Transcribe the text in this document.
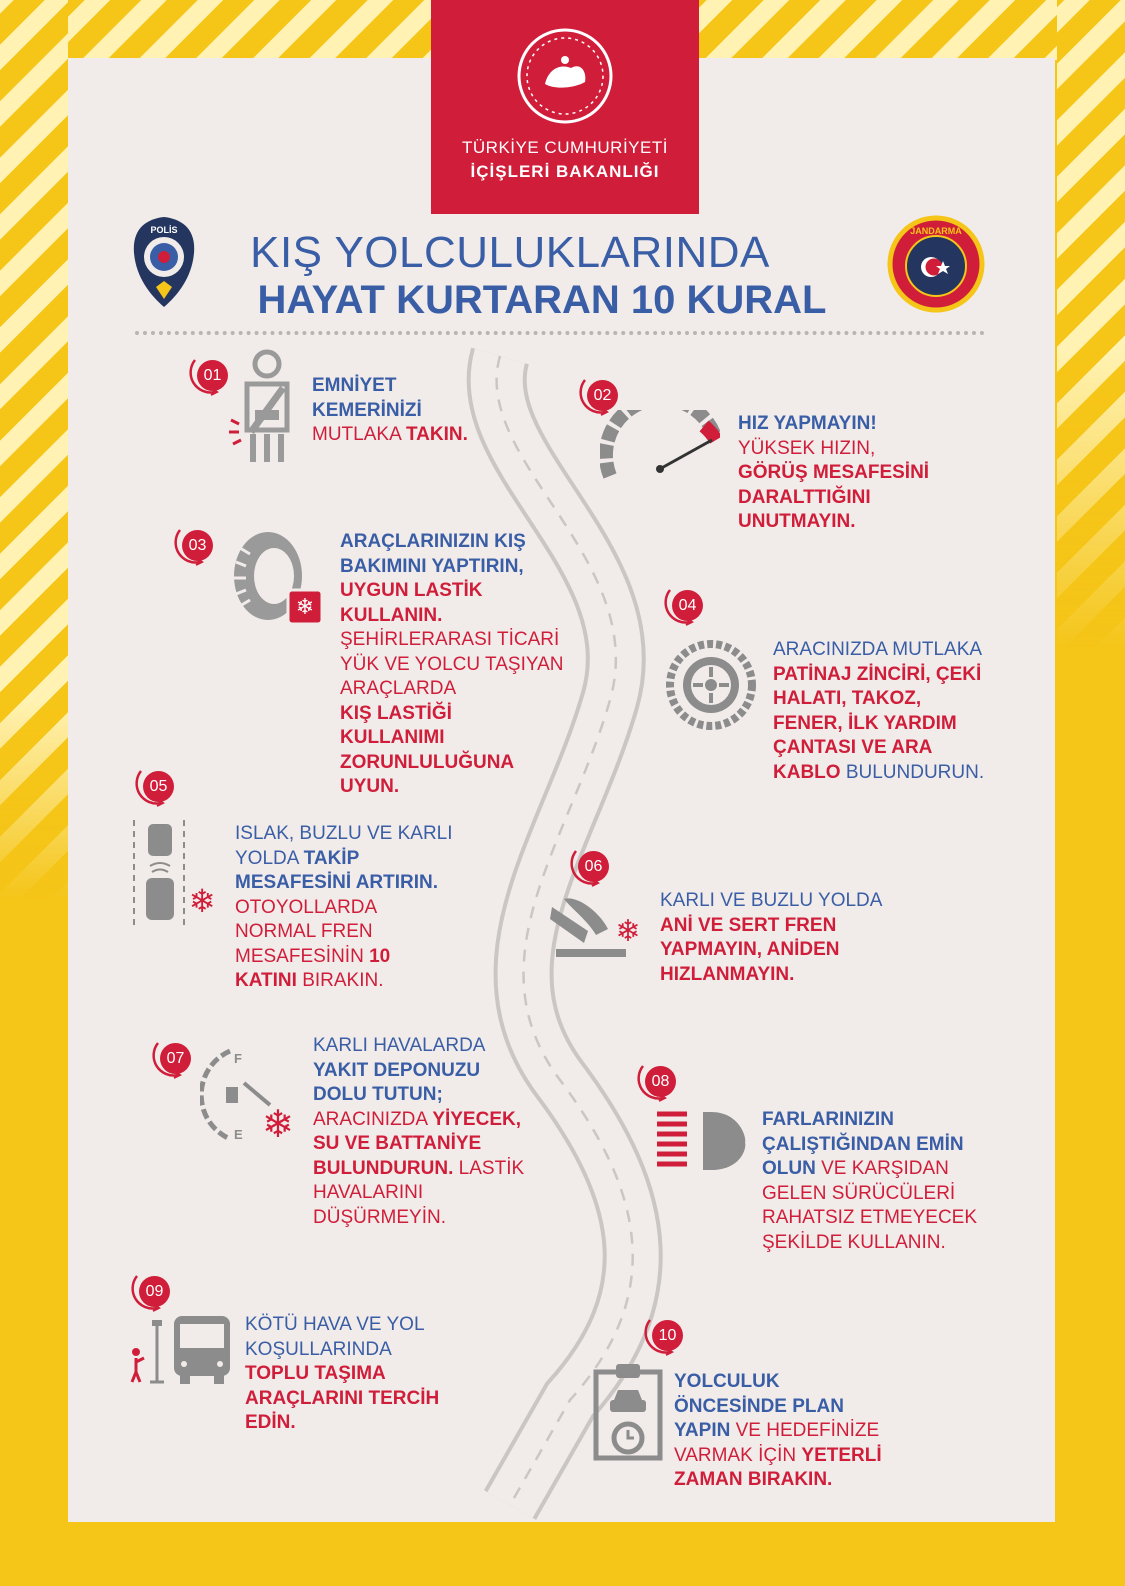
TÜRKİYE CUMHURİYETİ
İÇİŞLERİ BAKANLIĞI
POLİS	JANDARMA
KIŞ YOLCULUKLARINDA
HAYAT KURTARAN 10 KURAL
01	EMNİYET
KEMERİNİZİ
MUTLAKA TAKIN.
02
HIZ YAPMAYIN!
YÜKSEK HIZIN,
GÖRÜŞ MESAFESİNİ
DARALTTIĞINI
UNUTMAYIN.
03	ARAÇLARINIZIN KIŞ
BAKIMINI YAPTIRIN,
UYGUN LASTİK
KULLANIN.
ŞEHİRLERARASI TİCARİ
YÜK VE YOLCU TAŞIYAN
ARAÇLARDA
KIŞ LASTİĞİ
KULLANIMI
ZORUNLULUĞUNA
UYUN.
04
ARACINIZDA MUTLAKA
PATİNAJ ZİNCİRİ, ÇEKİ
HALATI, TAKOZ,
FENER, İLK YARDIM
ÇANTASI VE ARA
KABLO BULUNDURUN.
05
ISLAK, BUZLU VE KARLI
YOLDA TAKİP
MESAFESİNİ ARTIRIN.
OTOYOLLARDA
NORMAL FREN
MESAFESİNİN 10
KATINI BIRAKIN.
06
KARLI VE BUZLU YOLDA
ANİ VE SERT FREN
YAPMAYIN, ANİDEN
HIZLANMAYIN.
07
KARLI HAVALARDA
YAKIT DEPONUZU
DOLU TUTUN;
ARACINIZDA YİYECEK,
SU VE BATTANİYE
BULUNDURUN. LASTİK
HAVALARINI
DÜŞÜRMEYİN.
08
FARLARINIZIN
ÇALIŞTIĞINDAN EMİN
OLUN VE KARŞIDAN
GELEN SÜRÜCÜLERİ
RAHATSIZ ETMEYECEK
ŞEKİLDE KULLANIN.
09
KÖTÜ HAVA VE YOL
KOŞULLARINDA
TOPLU TAŞIMA
ARAÇLARINI TERCİH
EDİN.
10
YOLCULUK
ÖNCESİNDE PLAN
YAPIN VE HEDEFİNİZE
VARMAK İÇİN YETERLİ
ZAMAN BIRAKIN.
❄
❄
❄
F
E ❄
